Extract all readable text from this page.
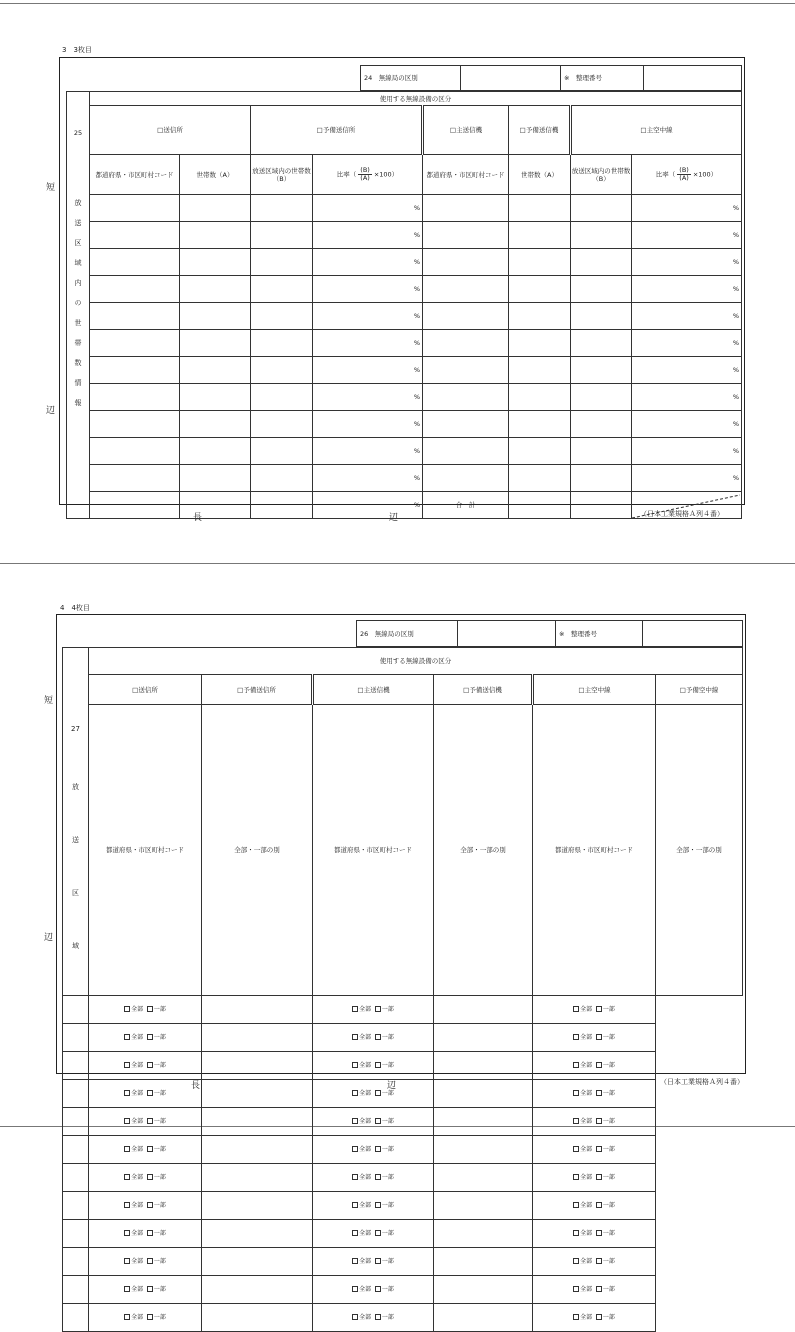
3　3枚目
24　無線局の区別		※　整理番号	
短
辺
長	辺	（日本工業規格Ａ列４番）
25	使用する無線設備の区分								
	□送信所		□予備送信所		□主送信機	□予備送信機	□主空中線	

放送区域内の世帯数情報	都道府県・市区町村コード	世帯数（A）	放送区域内の世帯数（B）	比率（ $\frac{(B)}{(A)} \times 100$）	都道府県・市区町村コード	世帯数（A）	放送区域内の世帯数（B）	比率（ $\frac{(B)}{(A)} \times 100$）	
				%				%	
				%				%	
				%				%	
				%				%	
				%				%	
				%				%	
				%				%	
				%				%	
				%				%	
				%				%	
				%				%	
				%	合　計			
4　4枚目
26　無線局の区別		※　整理番号	
短
辺
長	辺	（日本工業規格Ａ列４番）
	使用する無線設備の区分					
	□送信所	□予備送信所	□主送信機	□予備送信機	□主空中線	□予備空中線

27
放送区域	都道府県・市区町村コード	全部・一部の別	都道府県・市区町村コード	全部・一部の別	都道府県・市区町村コード	全部・一部の別
	全部 一部		全部 一部		全部 一部	
	全部 一部		全部 一部		全部 一部	
	全部 一部		全部 一部		全部 一部	
	全部 一部		全部 一部		全部 一部	
	全部 一部		全部 一部		全部 一部	
	全部 一部		全部 一部		全部 一部	
	全部 一部		全部 一部		全部 一部	
	全部 一部		全部 一部		全部 一部	
	全部 一部		全部 一部		全部 一部	
	全部 一部		全部 一部		全部 一部	
	全部 一部		全部 一部		全部 一部	
	全部 一部		全部 一部		全部 一部	
